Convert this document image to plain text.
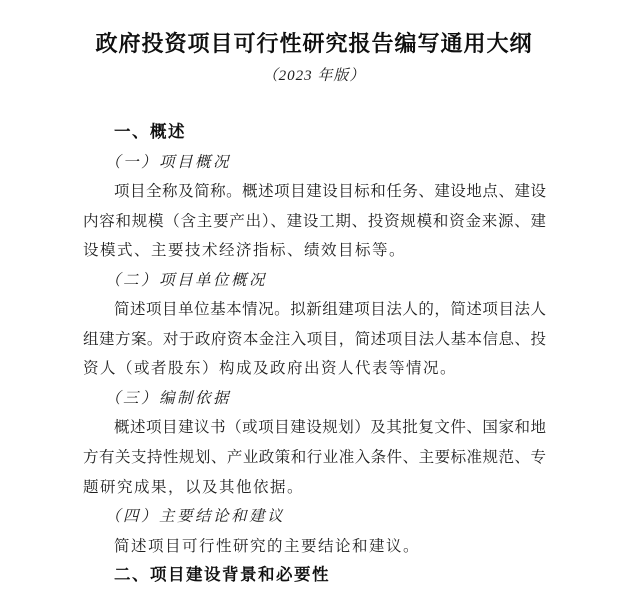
政府投资项目可行性研究报告编写通用大纲
（2023 年版）
一、概述
（一）项目概况
项目全称及简称。概述项目建设目标和任务、建设地点、建设
内容和规模（含主要产出）、建设工期、投资规模和资金来源、建
设模式、主要技术经济指标、绩效目标等。
（二）项目单位概况
简述项目单位基本情况。拟新组建项目法人的，简述项目法人
组建方案。对于政府资本金注入项目，简述项目法人基本信息、投
资人（或者股东）构成及政府出资人代表等情况。
（三）编制依据
概述项目建议书（或项目建设规划）及其批复文件、国家和地
方有关支持性规划、产业政策和行业准入条件、主要标准规范、专
题研究成果，以及其他依据。
（四）主要结论和建议
简述项目可行性研究的主要结论和建议。
二、项目建设背景和必要性
